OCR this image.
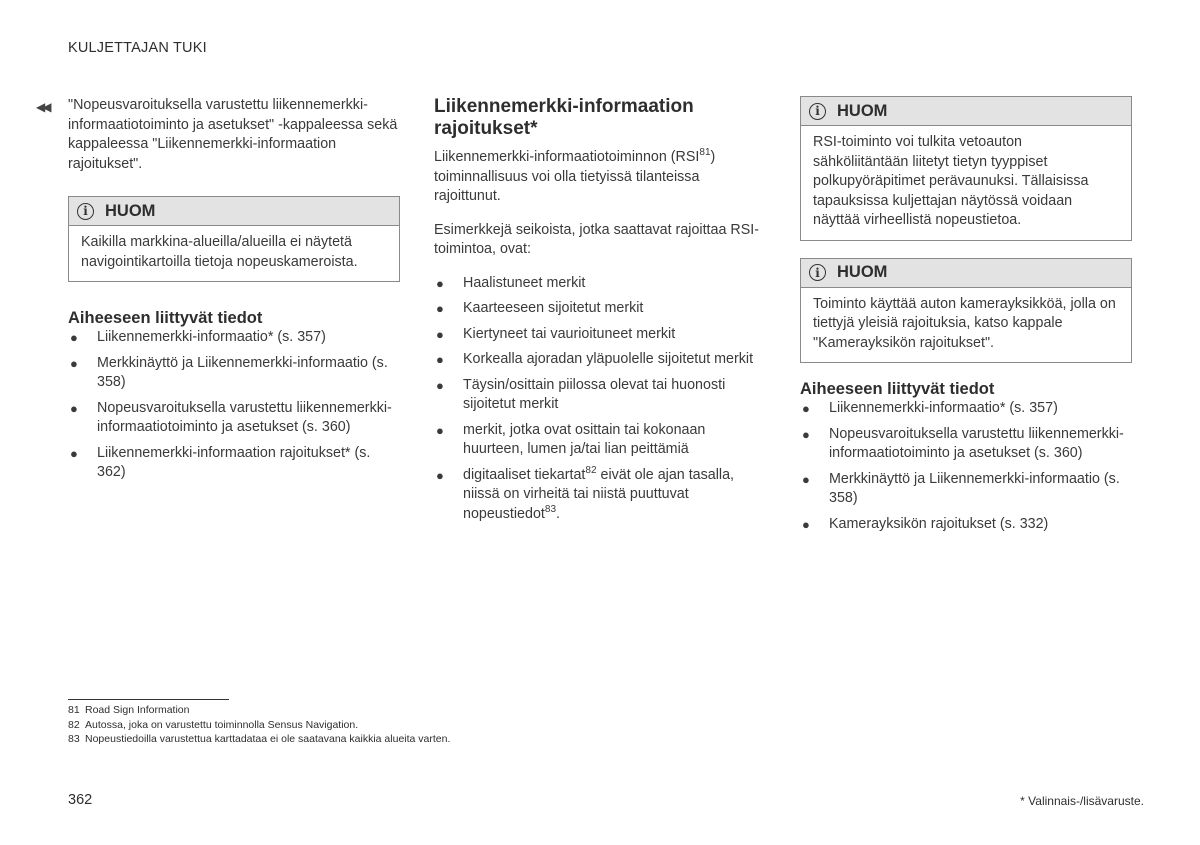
KULJETTAJAN TUKI
◀◀ "Nopeusvaroituksella varustettu liikennemerkki-informaatiotoiminto ja asetukset" -kappaleessa sekä kappaleessa "Liikennemerkki-informaation rajoitukset".
i	HUOM
Kaikilla markkina-alueilla/alueilla ei näytetä navigointikartoilla tietoja nopeuskameroista.
Aiheeseen liittyvät tiedot
● Liikennemerkki-informaatio* (s. 357)
● Merkkinäyttö ja Liikennemerkki-informaatio (s. 358)
● Nopeusvaroituksella varustettu liikennemerkki-informaatiotoiminto ja asetukset (s. 360)
● Liikennemerkki-informaation rajoitukset* (s. 362)
Liikennemerkki-informaation rajoitukset*
Liikennemerkki-informaatiotoiminnon (RSI$^{81}$) toiminnallisuus voi olla tietyissä tilanteissa rajoittunut.
Esimerkkejä seikoista, jotka saattavat rajoittaa RSI-toimintoa, ovat:
● Haalistuneet merkit
● Kaarteeseen sijoitetut merkit
● Kiertyneet tai vaurioituneet merkit
● Korkealla ajoradan yläpuolelle sijoitetut merkit
● Täysin/osittain piilossa olevat tai huonosti sijoitetut merkit
● merkit, jotka ovat osittain tai kokonaan huurteen, lumen ja/tai lian peittämiä
● digitaaliset tiekartat$^{82}$ eivät ole ajan tasalla, niissä on virheitä tai niistä puuttuvat nopeustiedot$^{83}$.
i	HUOM
RSI-toiminto voi tulkita vetoauton sähköliitäntään liitetyt tietyn tyyppiset polkupyöräpitimet perävaunuksi. Tällaisissa tapauksissa kuljettajan näytössä voidaan näyttää virheellistä nopeustietoa.
i	HUOM
Toiminto käyttää auton kamerayksikköä, jolla on tiettyjä yleisiä rajoituksia, katso kappale "Kamerayksikön rajoitukset".
Aiheeseen liittyvät tiedot
● Liikennemerkki-informaatio* (s. 357)
● Nopeusvaroituksella varustettu liikennemerkki-informaatiotoiminto ja asetukset (s. 360)
● Merkkinäyttö ja Liikennemerkki-informaatio (s. 358)
● Kamerayksikön rajoitukset (s. 332)
81 Road Sign Information
82 Autossa, joka on varustettu toiminnolla Sensus Navigation.
83 Nopeustiedoilla varustettua karttadataa ei ole saatavana kaikkia alueita varten.
362	* Valinnais-/lisävaruste.
